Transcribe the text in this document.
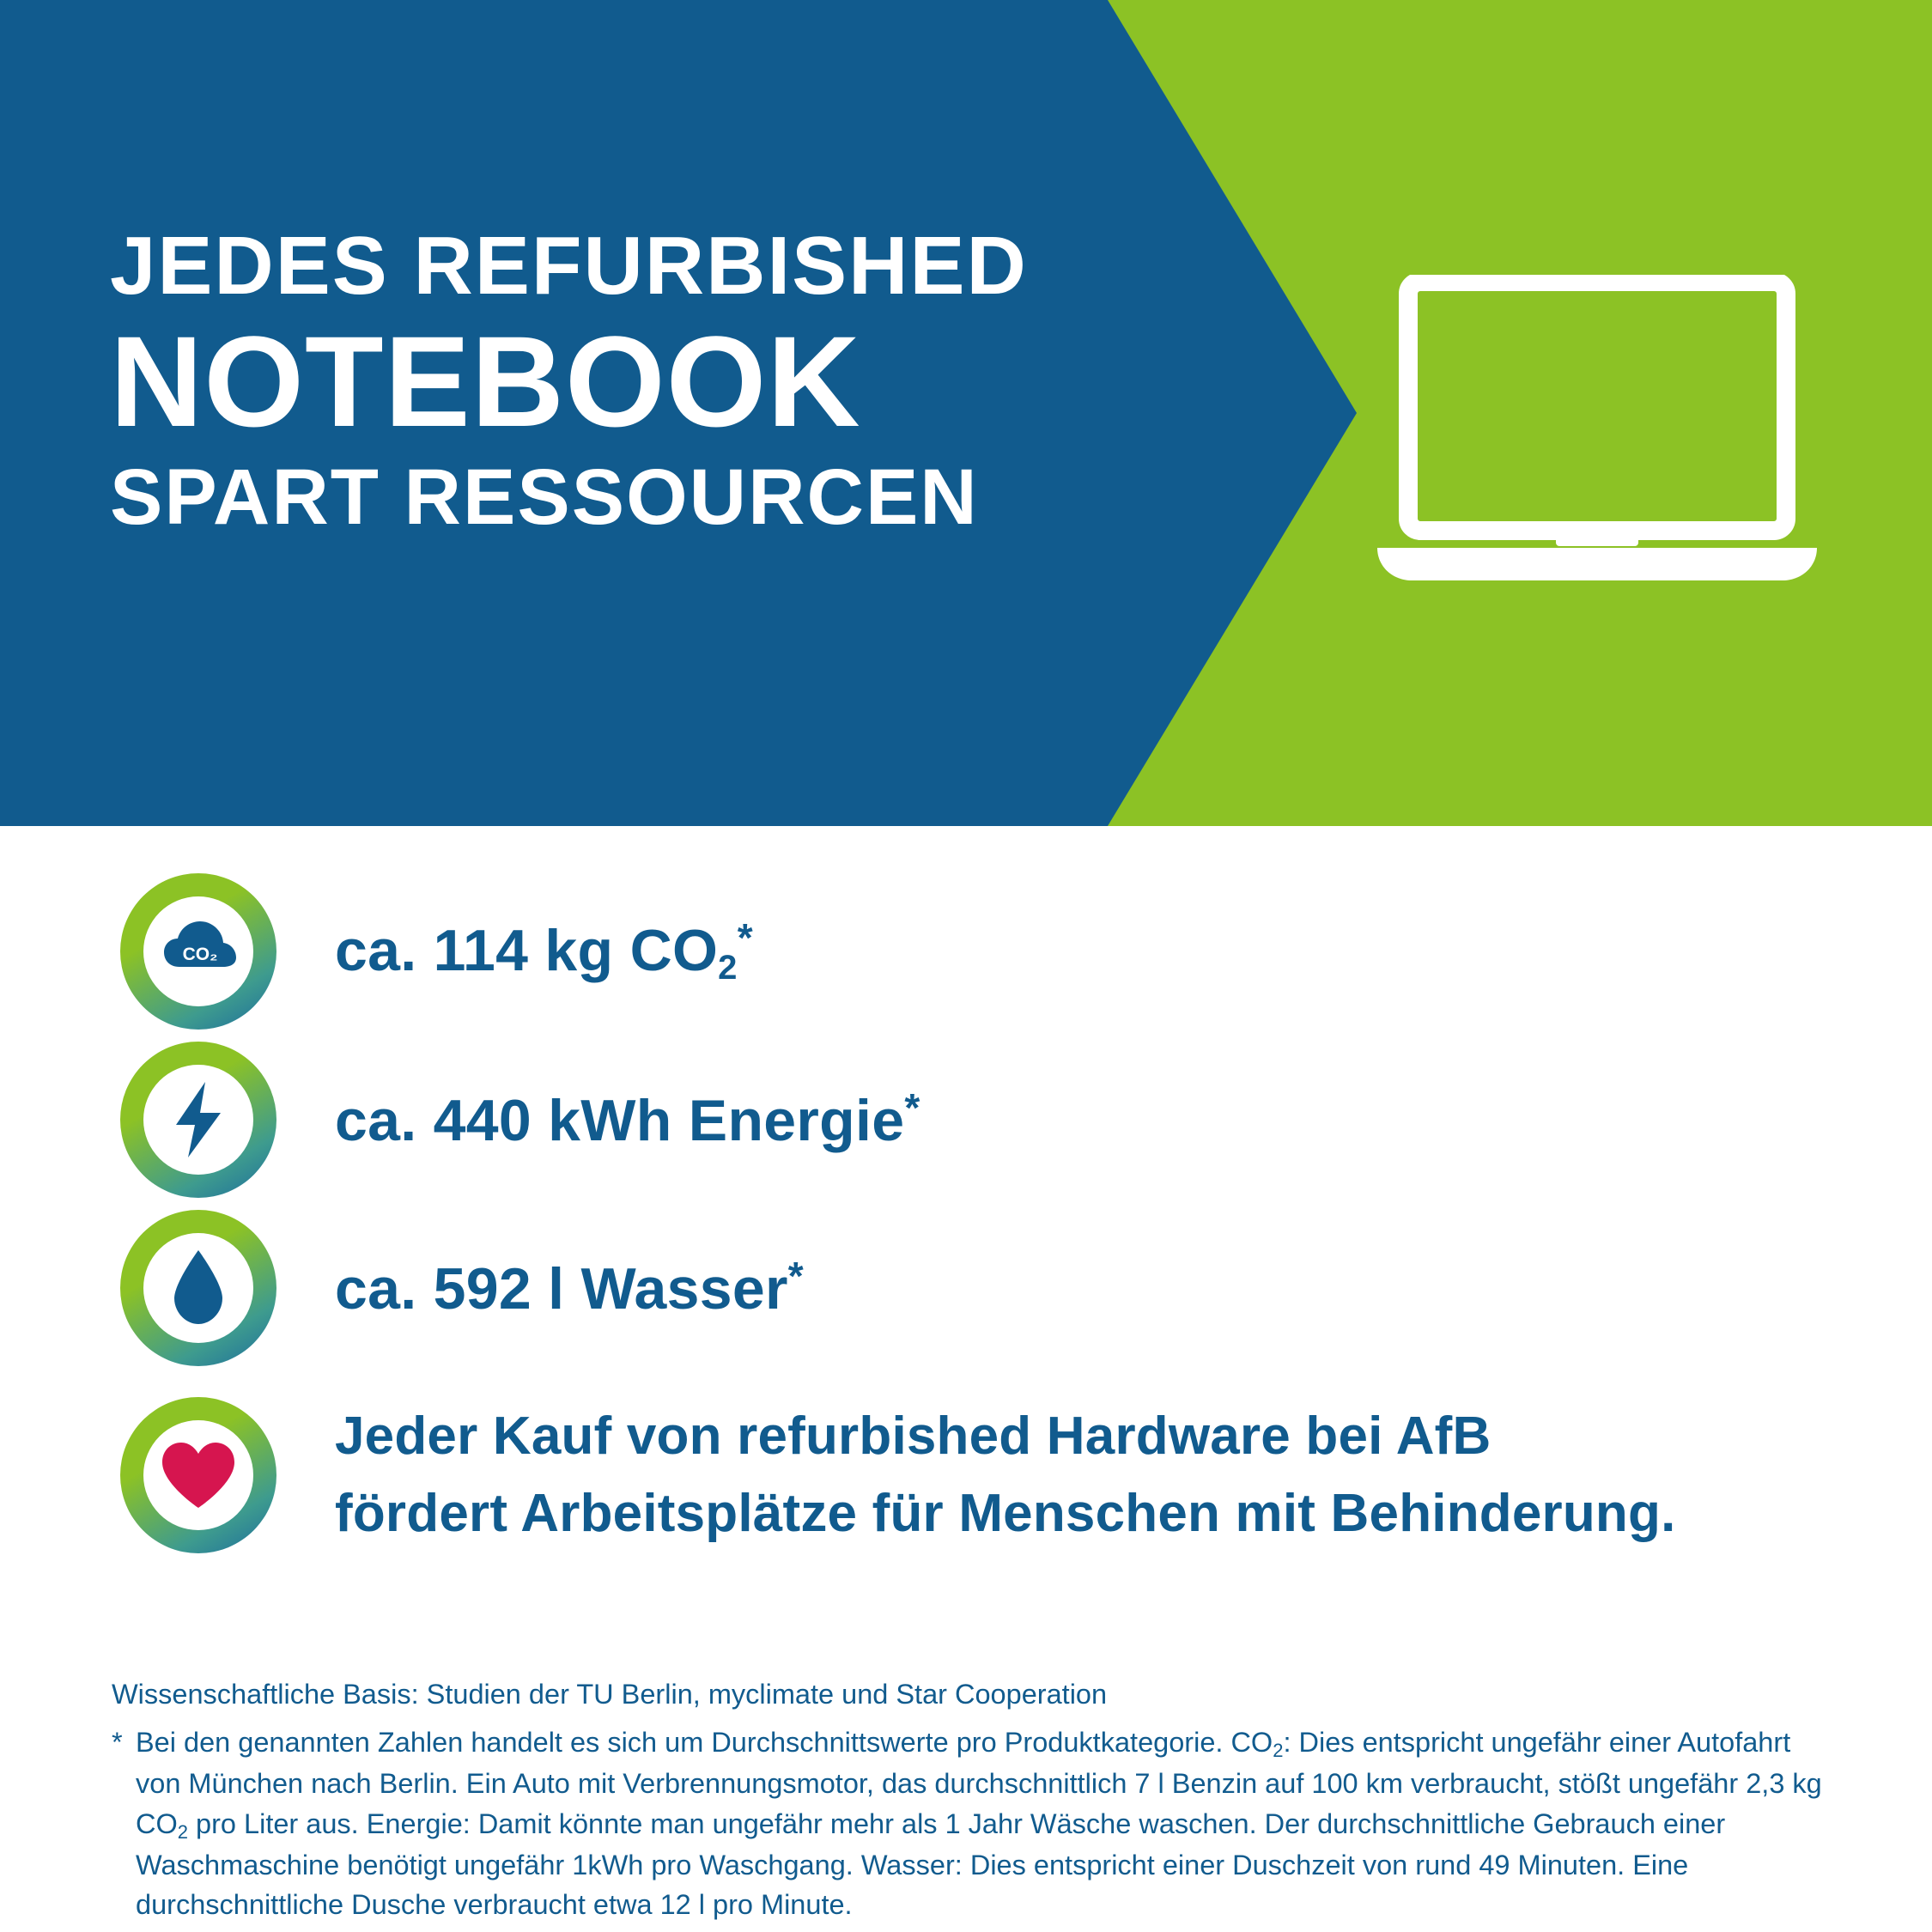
JEDES REFURBISHED
NOTEBOOK
SPART RESSOURCEN
CO₂ ca. 114 kg $CO_2^*$
ca. 440 kWh Energie*
ca. 592 l Wasser*
Jeder Kauf von refurbished Hardware bei AfB
fördert Arbeitsplätze für Menschen mit Behinderung.
Wissenschaftliche Basis: Studien der TU Berlin, myclimate und Star Cooperation
* Bei den genannten Zahlen handelt es sich um Durchschnittswerte pro Produktkategorie. $CO_2$: Dies entspricht ungefähr einer Autofahrt von München nach Berlin. Ein Auto mit Verbrennungsmotor, das durchschnittlich 7 l Benzin auf 100 km verbraucht, stößt ungefähr 2,3 kg $CO_2$ pro Liter aus. Energie: Damit könnte man ungefähr mehr als 1 Jahr Wäsche waschen. Der durchschnittliche Gebrauch einer Waschmaschine benötigt ungefähr 1kWh pro Waschgang. Wasser: Dies entspricht einer Duschzeit von rund 49 Minuten. Eine durchschnittliche Dusche verbraucht etwa 12 l pro Minute.
